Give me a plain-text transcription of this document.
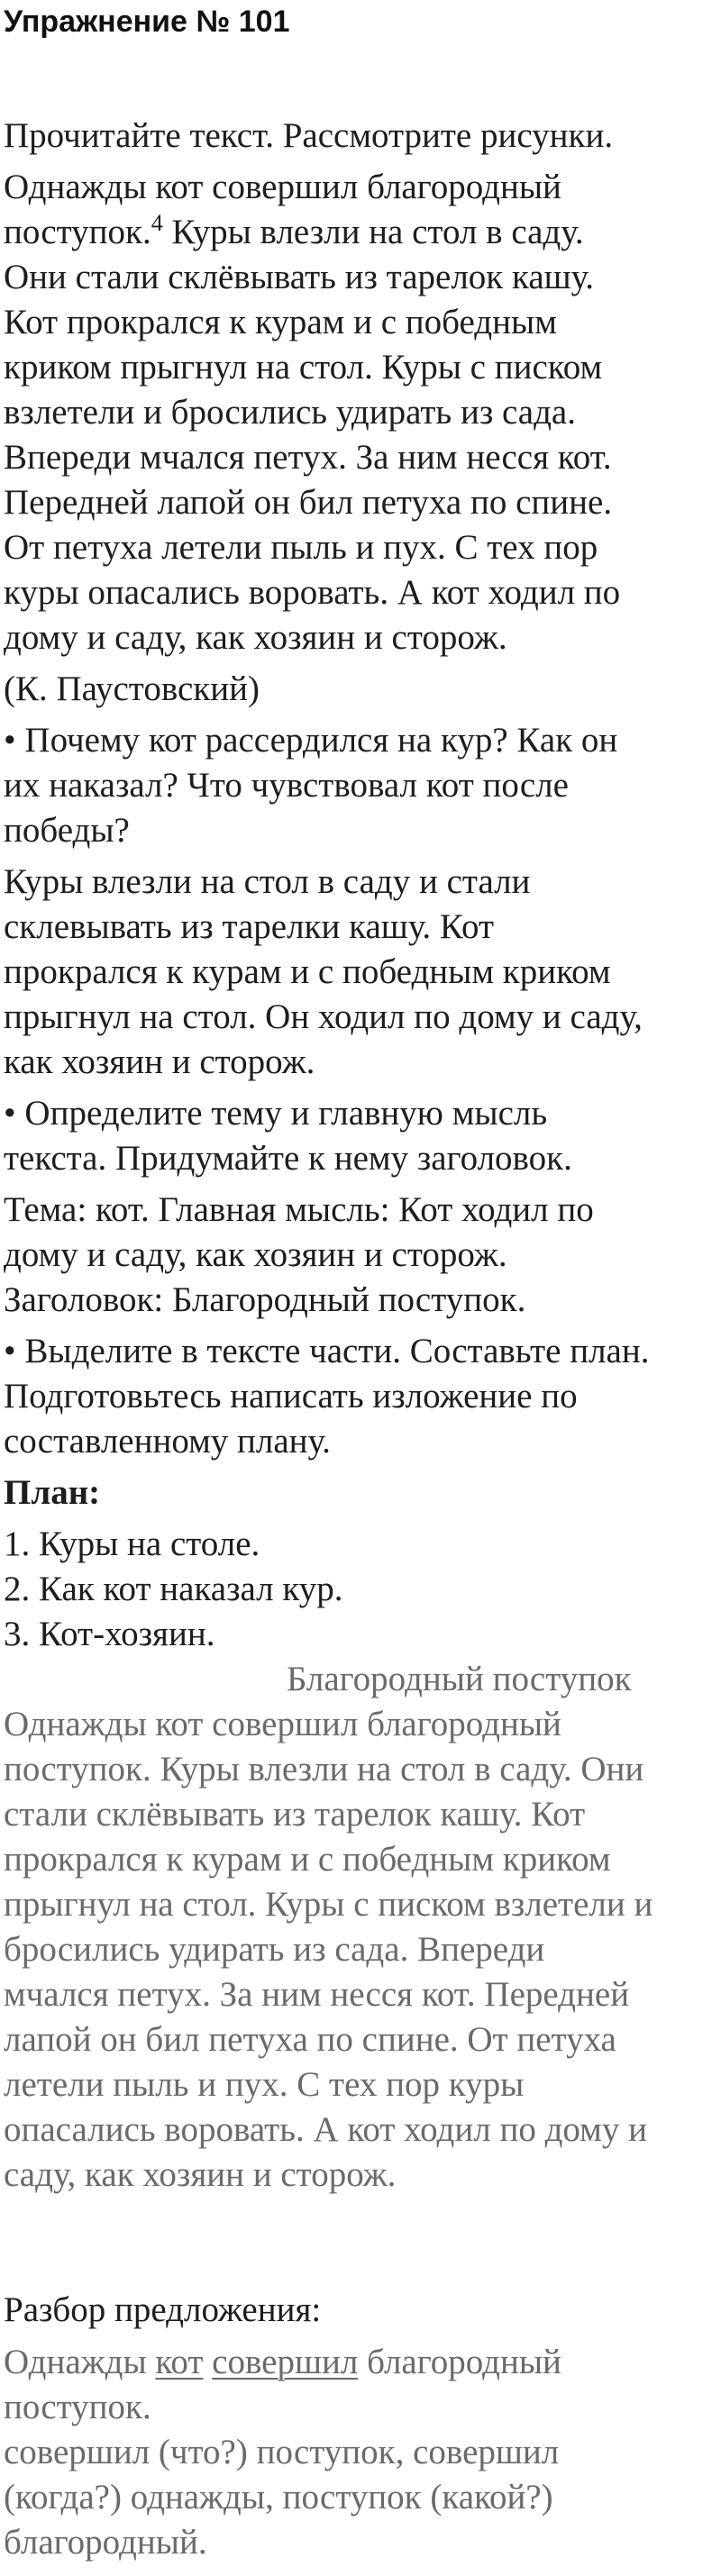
Упражнение № 101

Прочитайте текст. Рассмотрите рисунки.

Однажды кот совершил благородный

поступок.$^4$ Куры влезли на стол в саду.

Они стали склёвывать из тарелок кашу.

Кот прокрался к курам и с победным

криком прыгнул на стол. Куры с писком

взлетели и бросились удирать из сада.

Впереди мчался петух. За ним несся кот.

Передней лапой он бил петуха по спине.

От петуха летели пыль и пух. С тех пор

куры опасались воровать. А кот ходил по

дому и саду, как хозяин и сторож.

(К. Паустовский)

• Почему кот рассердился на кур? Как он

их наказал? Что чувствовал кот после

победы?

Куры влезли на стол в саду и стали

склевывать из тарелки кашу. Кот

прокрался к курам и с победным криком

прыгнул на стол. Он ходил по дому и саду,

как хозяин и сторож.

• Определите тему и главную мысль

текста. Придумайте к нему заголовок.

Тема: кот. Главная мысль: Кот ходил по

дому и саду, как хозяин и сторож.

Заголовок: Благородный поступок.

• Выделите в тексте части. Составьте план.

Подготовьтесь написать изложение по

составленному плану.

План:

1. Куры на столе.

2. Как кот наказал кур.

3. Кот-хозяин.

Благородный поступок

Однажды кот совершил благородный

поступок. Куры влезли на стол в саду. Они

стали склёвывать из тарелок кашу. Кот

прокрался к курам и с победным криком

прыгнул на стол. Куры с писком взлетели и

бросились удирать из сада. Впереди

мчался петух. За ним несся кот. Передней

лапой он бил петуха по спине. От петуха

летели пыль и пух. С тех пор куры

опасались воровать. А кот ходил по дому и

саду, как хозяин и сторож.

Разбор предложения:

Однажды кот совершил благородный

поступок.

совершил (что?) поступок, совершил

(когда?) однажды, поступок (какой?)

благородный.
